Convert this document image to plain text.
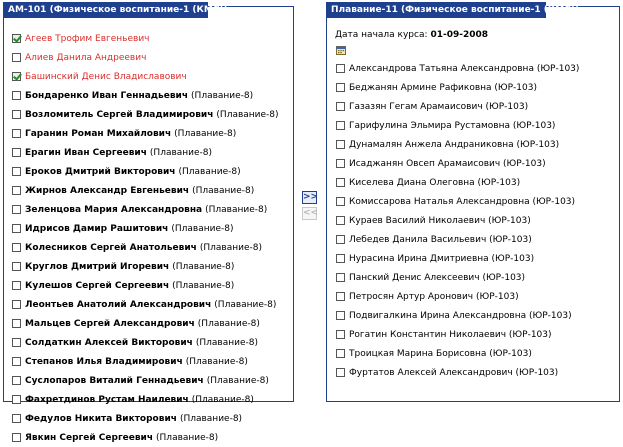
АМ-101 (Физическое воспитание-1 (КМС))
Агеев Трофим Евгеньевич
Алиев Данила Андреевич
Башинский Денис Владиславович
Бондаренко Иван Геннадьевич (Плавание-8)
Возломитель Сергей Владимирович (Плавание-8)
Гаранин Роман Михайлович (Плавание-8)
Ерагин Иван Сергеевич (Плавание-8)
Ероков Дмитрий Викторович (Плавание-8)
Жирнов Александр Евгеньевич (Плавание-8)
Зеленцова Мария Александровна (Плавание-8)
Идрисов Дамир Рашитович (Плавание-8)
Колесников Сергей Анатольевич (Плавание-8)
Круглов Дмитрий Игоревич (Плавание-8)
Кулешов Сергей Сергеевич (Плавание-8)
Леонтьев Анатолий Александрович (Плавание-8)
Мальцев Сергей Александрович (Плавание-8)
Солдаткин Алексей Викторович (Плавание-8)
Степанов Илья Владимирович (Плавание-8)
Суслопаров Виталий Геннадьевич (Плавание-8)
Фахретдинов Рустам Наилевич (Плавание-8)
Федулов Никита Викторович (Плавание-8)
Явкин Сергей Сергеевич (Плавание-8)
>>
<<
Плавание-11 (Физическое воспитание-1 (КМС))
Дата начала курса: 01-09-2008
Александрова Татьяна Александровна (ЮР-103)
Беджанян Армине Рафиковна (ЮР-103)
Газазян Гегам Арамаисович (ЮР-103)
Гарифулина Эльмира Рустамовна (ЮР-103)
Дунамалян Анжела Андраниковна (ЮР-103)
Исаджанян Овсеп Арамаисович (ЮР-103)
Киселева Диана Олеговна (ЮР-103)
Комиссарова Наталья Александровна (ЮР-103)
Кураев Василий Николаевич (ЮР-103)
Лебедев Данила Васильевич (ЮР-103)
Нурасина Ирина Дмитриевна (ЮР-103)
Панский Денис Алексеевич (ЮР-103)
Петросян Артур Аронович (ЮР-103)
Подвигалкина Ирина Александровна (ЮР-103)
Рогатин Константин Николаевич (ЮР-103)
Троицкая Марина Борисовна (ЮР-103)
Фуртатов Алексей Александрович (ЮР-103)
